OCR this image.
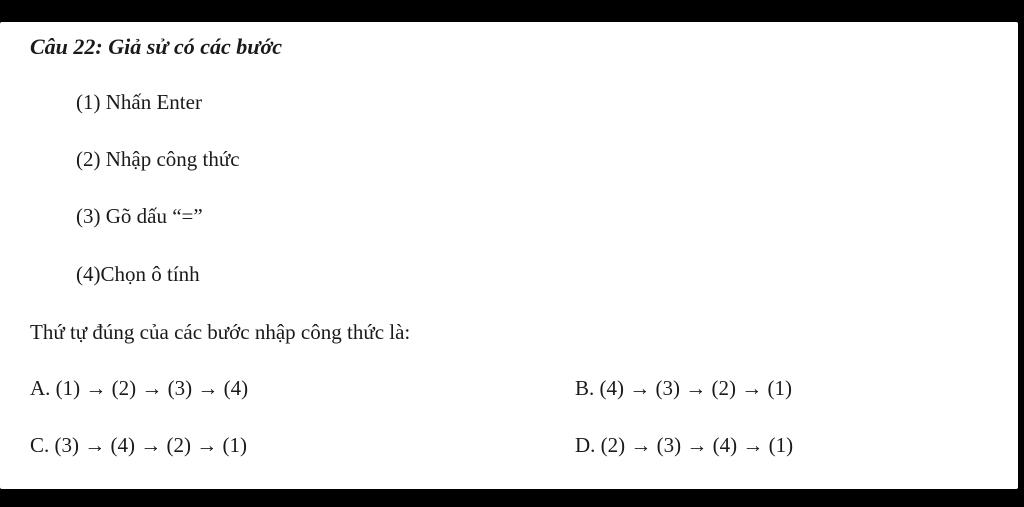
Câu 22: Giả sử có các bước
(1) Nhấn Enter
(2) Nhập công thức
(3) Gõ dấu “=”
(4)Chọn ô tính
Thứ tự đúng của các bước nhập công thức là:
A. (1) → (2) → (3) → (4)	B. (4) → (3) → (2) → (1)
C. (3) → (4) → (2) → (1)	D. (2) → (3) → (4) → (1)
